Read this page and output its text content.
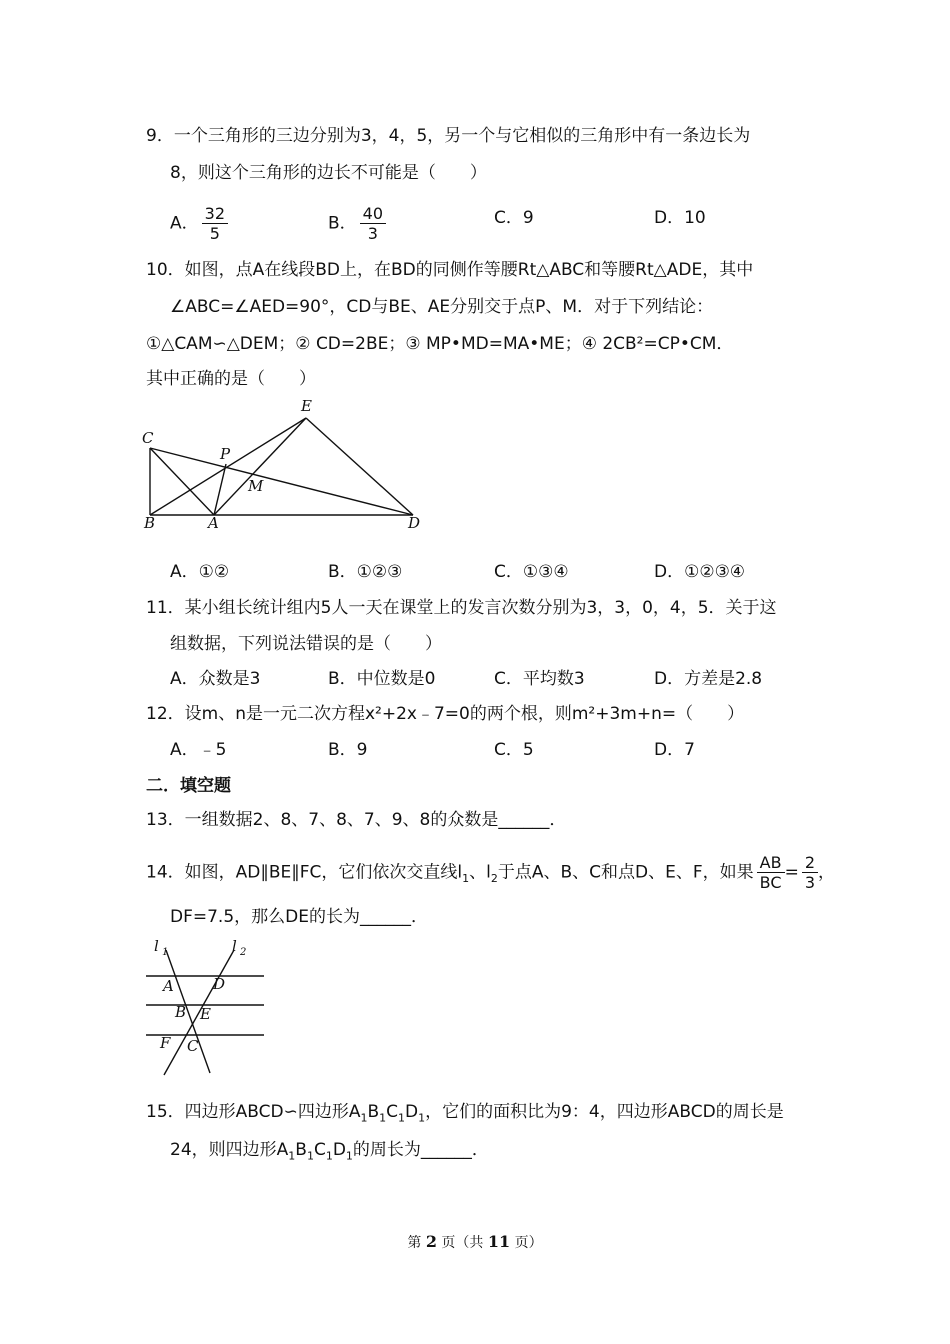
9．一个三角形的三边分别为3，4，5，另一个与它相似的三角形中有一条边长为
8，则这个三角形的边长不可能是（　　）
A． $\frac{32}{5}$	B． $\frac{40}{3}$	C．9	D．10
10．如图，点A在线段BD上，在BD的同侧作等腰Rt△ABC和等腰Rt△ADE，其中
∠ABC=∠AED=90°，CD与BE、AE分别交于点P、M．对于下列结论：
①△CAM∽△DEM；② CD=2BE；③ MP•MD=MA•ME；④ 2CB²=CP•CM．
其中正确的是（　　）
C
E
P
M
B	A	D
A．①②	B．①②③	C．①③④	D．①②③④
11．某小组长统计组内5人一天在课堂上的发言次数分别为3，3，0，4，5．关于这
组数据，下列说法错误的是（　　）
A．众数是3	B．中位数是0	C．平均数3	D．方差是2.8
12．设m、n是一元二次方程x²+2x﹣7=0的两个根，则m²+3m+n=（　　）
A．﹣5	B．9	C．5	D．7
二．填空题
13．一组数据2、8、7、8、7、9、8的众数是______．
14．如图，AD∥BE∥FC，它们依次交直线$l_1$、$l_2$于点A、B、C和点D、E、F，如果 $\frac{AB}{BC} = \frac{2}{3}$ ，
DF=7.5，那么DE的长为______．
l 1	l 2
A	D
B E
F C
15．四边形ABCD∽四边形$A_1B_1C_1D_1$，它们的面积比为9：4，四边形ABCD的周长是
24，则四边形$A_1B_1C_1D_1$的周长为______．
第 2 页（共 11 页）
